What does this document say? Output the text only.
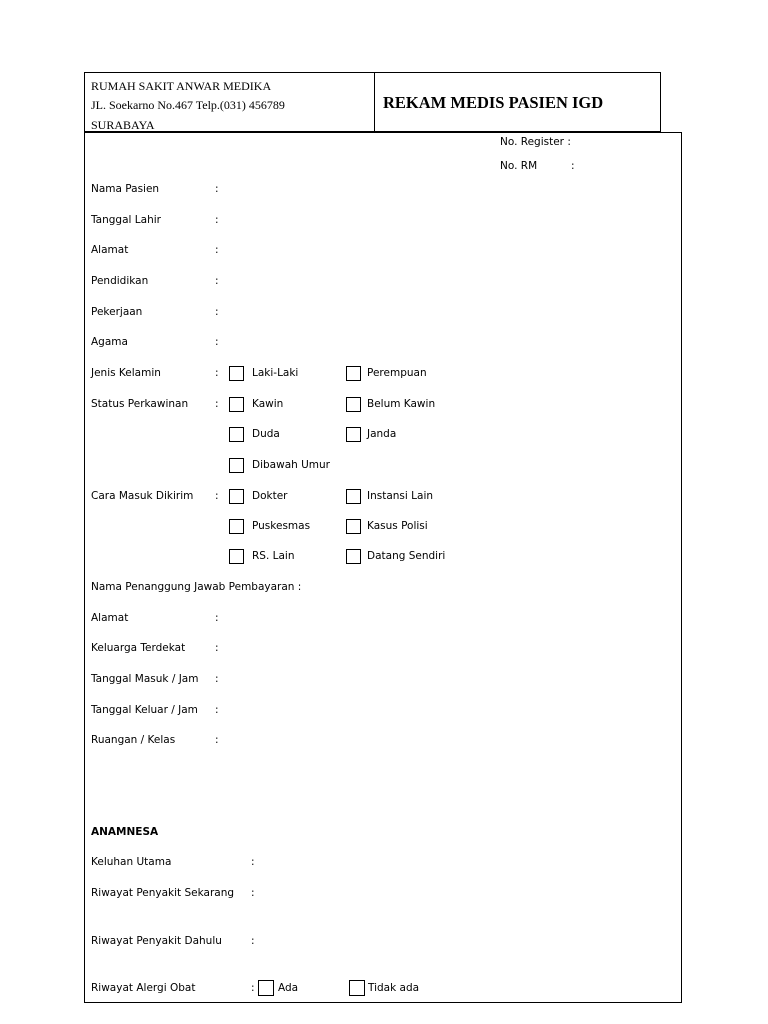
RUMAH SAKIT ANWAR MEDIKA
JL. Soekarno No.467 Telp.(031) 456789
SURABAYA
REKAM MEDIS PASIEN IGD
No. Register :
No. RM	:
Nama Pasien	:
Tanggal Lahir	:
Alamat	:
Pendidikan	:
Pekerjaan	:
Agama	:
Jenis Kelamin	:	Laki-Laki	Perempuan
Status Perkawinan	:	Kawin	Belum Kawin
Duda	Janda
Dibawah Umur
Cara Masuk Dikirim :	Dokter	Instansi Lain
Puskesmas	Kasus Polisi
RS. Lain	Datang Sendiri
Nama Penanggung Jawab Pembayaran :
Alamat	:
Keluarga Terdekat	:
Tanggal Masuk / Jam :
Tanggal Keluar / Jam :
Ruangan / Kelas	:
ANAMNESA
Keluhan Utama	:
Riwayat Penyakit Sekarang :
Riwayat Penyakit Dahulu	:
Riwayat Alergi Obat	: Ada	Tidak ada
